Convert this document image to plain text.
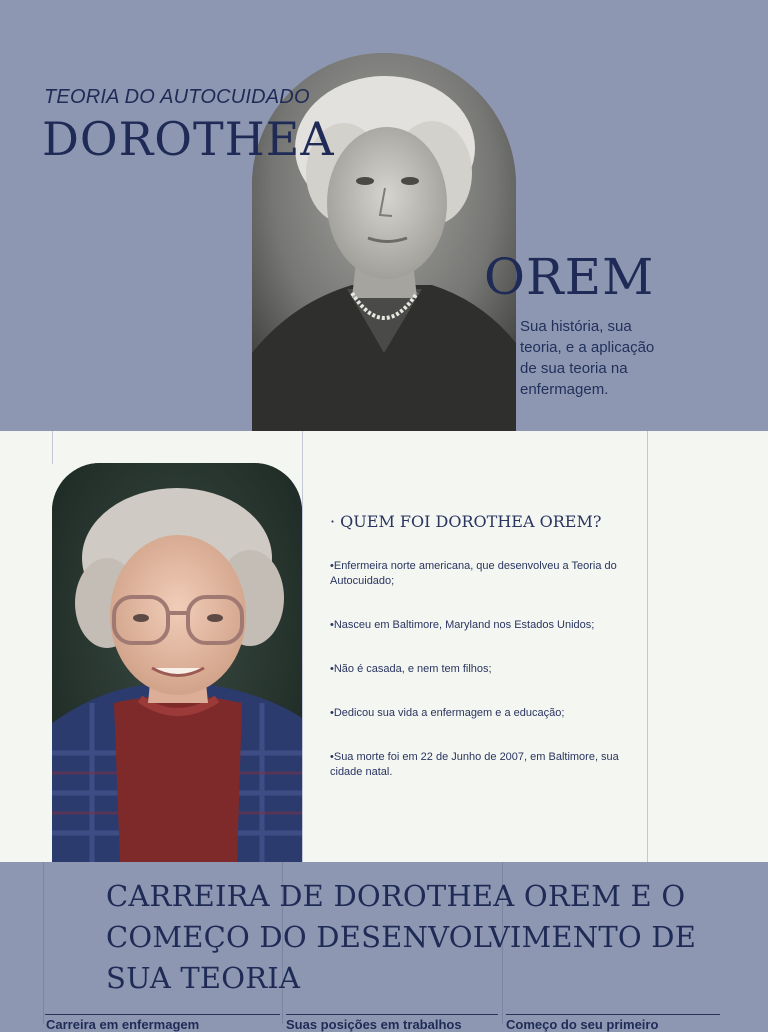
TEORIA DO AUTOCUIDADO
DOROTHEA
OREM
Sua história, sua teoria, e a aplicação de sua teoria na enfermagem.
· QUEM FOI DOROTHEA OREM?
•Enfermeira norte americana, que desenvolveu a Teoria do Autocuidado;
•Nasceu em Baltimore, Maryland nos Estados Unidos;
•Não é casada, e nem tem filhos;
•Dedicou sua vida a enfermagem e a educação;
•Sua morte foi em 22 de Junho de 2007, em Baltimore, sua cidade natal.
CARREIRA DE DOROTHEA OREM E O COMEÇO DO DESENVOLVIMENTO DE SUA TEORIA
Carreira em enfermagem	Suas posições em trabalhos	Começo do seu primeiro
